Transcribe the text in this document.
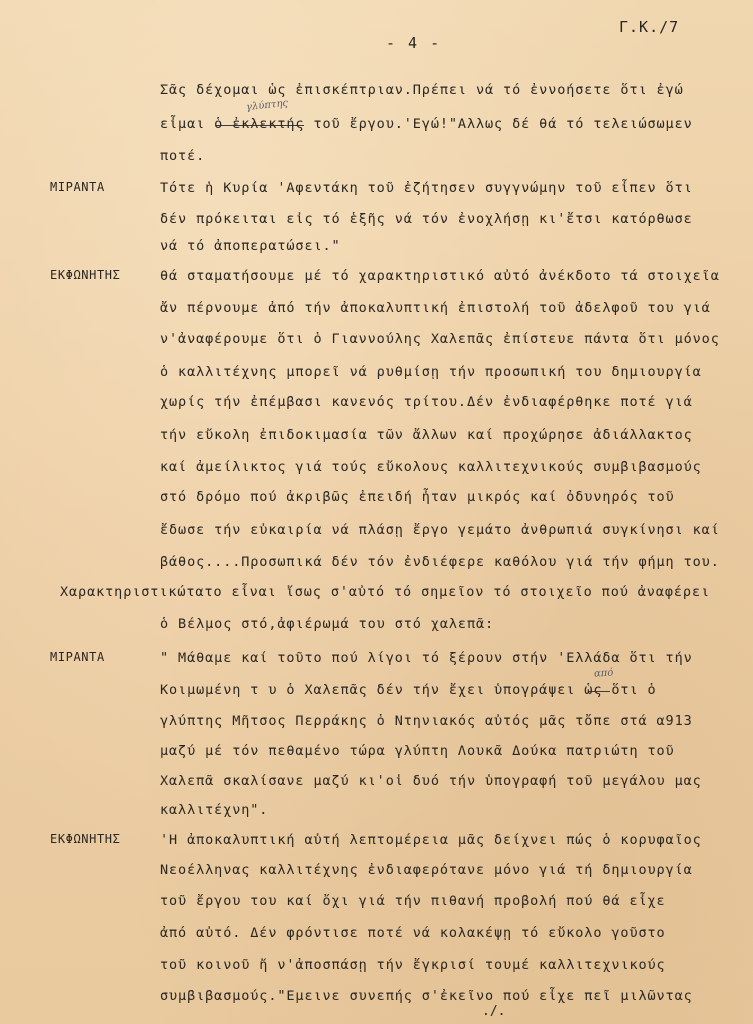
Γ.Κ./7
- 4 -
γλύπτης
Σᾶς δέχομαι ὡς ἐπισκέπτριαν.Πρέπει νά τό ἐννοήσετε ὅτι ἐγώ
εἶμαι ὁ ἐκλεκτής τοῦ ἔργου.'Εγώ!"Αλλως δέ θά τό τελειώσωμεν
ποτέ.
ΜΙΡΑΝΤΑ	Τότε ἡ Κυρία 'Αφεντάκη τοῦ ἐζήτησεν συγγνώμην τοῦ εἶπεν ὅτι
δέν πρόκειται εἰς τό ἑξῆς νά τόν ἐνοχλήσῃ κι'ἔτσι κατόρθωσε
νά τό ἀποπερατώσει."
ΕΚΦΩΝΗΤΗΣ	θά σταματήσουμε μέ τό χαρακτηριστικό αὐτό ἀνέκδοτο τά στοιχεῖα
ἄν πέρνουμε ἀπό τήν ἀποκαλυπτική ἐπιστολή τοῦ ἀδελφοῦ του γιά
ν'ἀναφέρουμε ὅτι ὁ Γιαννούλης Χαλεπᾶς ἐπίστευε πάντα ὅτι μόνος
ὁ καλλιτέχνης μπορεῖ νά ρυθμίσῃ τήν προσωπική του δημιουργία
χωρίς τήν ἐπέμβασι κανενός τρίτου.Δέν ἐνδιαφέρθηκε ποτέ γιά
τήν εὔκολη ἐπιδοκιμασία τῶν ἄλλων καί προχώρησε ἀδιάλλακτος
καί ἀμείλικτος γιά τούς εὔκολους καλλιτεχνικούς συμβιβασμούς
στό δρόμο πού ἀκριβῶς ἐπειδή ἦταν μικρός καί ὀδυνηρός τοῦ
ἔδωσε τήν εὐκαιρία νά πλάσῃ ἔργο γεμάτο ἀνθρωπιά συγκίνησι καί
βάθος....Προσωπικά δέν τόν ἐνδιέφερε καθόλου γιά τήν φήμη του.
Χαρακτηριστικώτατο εἶναι ἴσως σ'αὐτό τό σημεῖον τό στοιχεῖο πού ἀναφέρει
ὁ Βέλμος στό,ἀφιέρωμά του στό χαλεπᾶ:
από
ΜΙΡΑΝΤΑ	" Μάθαμε καί τοῦτο πού λίγοι τό ξέρουν στήν 'Ελλάδα ὅτι τήν
Κοιμωμένη τ υ ὁ Χαλεπᾶς δέν τήν ἔχει ὑπογράψει ὡς ὅτι ὁ
γλύπτης Μῆτσος Περράκης ὁ Ντηνιακός αὐτός μᾶς τὄπε στά α913
μαζύ μέ τόν πεθαμένο τώρα γλύπτη Λουκᾶ Δούκα πατριώτη τοῦ
Χαλεπᾶ σκαλίσανε μαζύ κι'οἱ δυό τήν ὑπογραφή τοῦ μεγάλου μας
καλλιτέχνη".
ΕΚΦΩΝΗΤΗΣ	'Η ἀποκαλυπτική αὐτή λεπτομέρεια μᾶς δείχνει πώς ὁ κορυφαῖος
Νεοέλληνας καλλιτέχνης ἐνδιαφερότανε μόνο γιά τή δημιουργία
τοῦ ἔργου του καί ὄχι γιά τήν πιθανή προβολή πού θά εἶχε
ἀπό αὐτό. Δέν φρόντισε ποτέ νά κολακέψῃ τό εὔκολο γοῦστο
τοῦ κοινοῦ ἤ ν'ἀποσπάσῃ τήν ἔγκρισί τουμέ καλλιτεχνικούς
συμβιβασμούς."Εμεινε συνεπής σ'ἐκεῖνο πού εἶχε πεῖ μιλῶντας
./.
